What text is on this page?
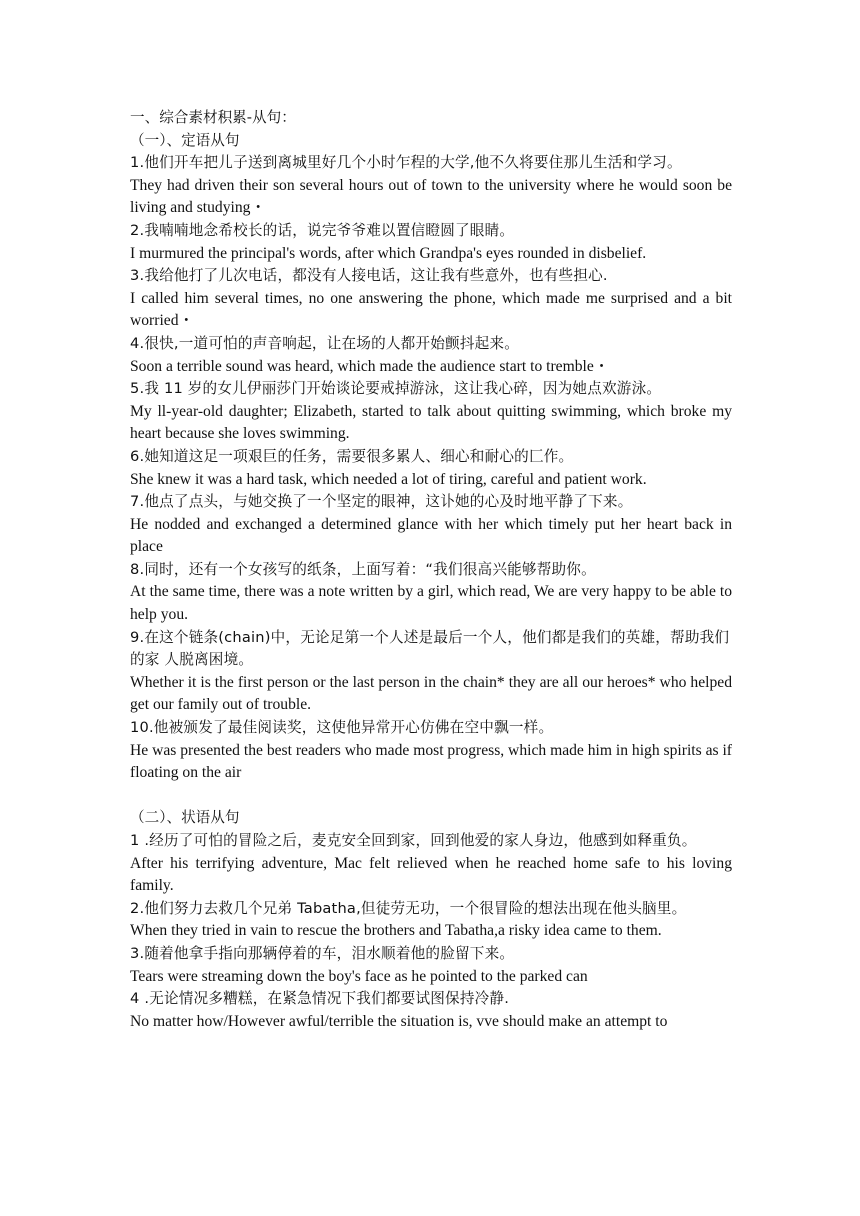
一、综合素材积累-从句：

（一）、定语从句

1.他们开车把儿子送到离城里好几个小时乍程的大学,他不久将要住那儿生活和学习。

They had driven their son several hours out of town to the university where he would soon be living and studying・

2.我喃喃地念希校长的话，说完爷爷难以置信瞪圆了眼睛。

I murmured the principal's words, after which Grandpa's eyes rounded in disbelief.

3.我给他打了儿次电话，都没有人接电话，这让我有些意外，也有些担心.

I called him several times, no one answering the phone, which made me surprised and a bit worried・

4.很快,一道可怕的声音响起，让在场的人都开始颤抖起来。

Soon a terrible sound was heard, which made the audience start to tremble・

5.我 11 岁的女儿伊丽莎门开始谈论要戒掉游泳，这让我心碎，因为她点欢游泳。

My ll-year-old daughter; Elizabeth, started to talk about quitting swimming, which broke my heart because she loves swimming.

6.她知道这足一项艰巨的任务，需要很多累人、细心和耐心的匚作。

She knew it was a hard task, which needed a lot of tiring, careful and patient work.

7.他点了点头，与她交换了一个坚定的眼神，这讣她的心及时地平静了下来。

He nodded and exchanged a determined glance with her which timely put her heart back in place

8.同时，还有一个女孩写的纸条，上面写着：“我们很高兴能够帮助你。

At the same time, there was a note written by a girl, which read, We are very happy to be able to help you.

9.在这个链条(chain)中，无论足第一个人述是最后一个人，他们都是我们的英雄，帮助我们的家 人脱离困境。

Whether it is the first person or the last person in the chain* they are all our heroes* who helped get our family out of trouble.

10.他被颁发了最佳阅读奖，这使他异常开心仿佛在空中飘一样。

He was presented the best readers who made most progress, which made him in high spirits as if floating on the air

（二）、状语从句

1 .经历了可怕的冒险之后，麦克安全回到家，回到他爱的家人身边，他感到如释重负。

After his terrifying adventure, Mac felt relieved when he reached home safe to his loving family.

2.他们努力去救几个兄弟 Tabatha,但徒劳无功，一个很冒险的想法出现在他头脑里。

When they tried in vain to rescue the brothers and Tabatha,a risky idea came to them.

3.随着他拿手指向那辆停着的车，泪水顺着他的脸留下来。

Tears were streaming down the boy's face as he pointed to the parked can

4 .无论情况多糟糕，在紧急情况下我们都要试图保持冷静.

No matter how/However awful/terrible the situation is, vve should make an attempt to
